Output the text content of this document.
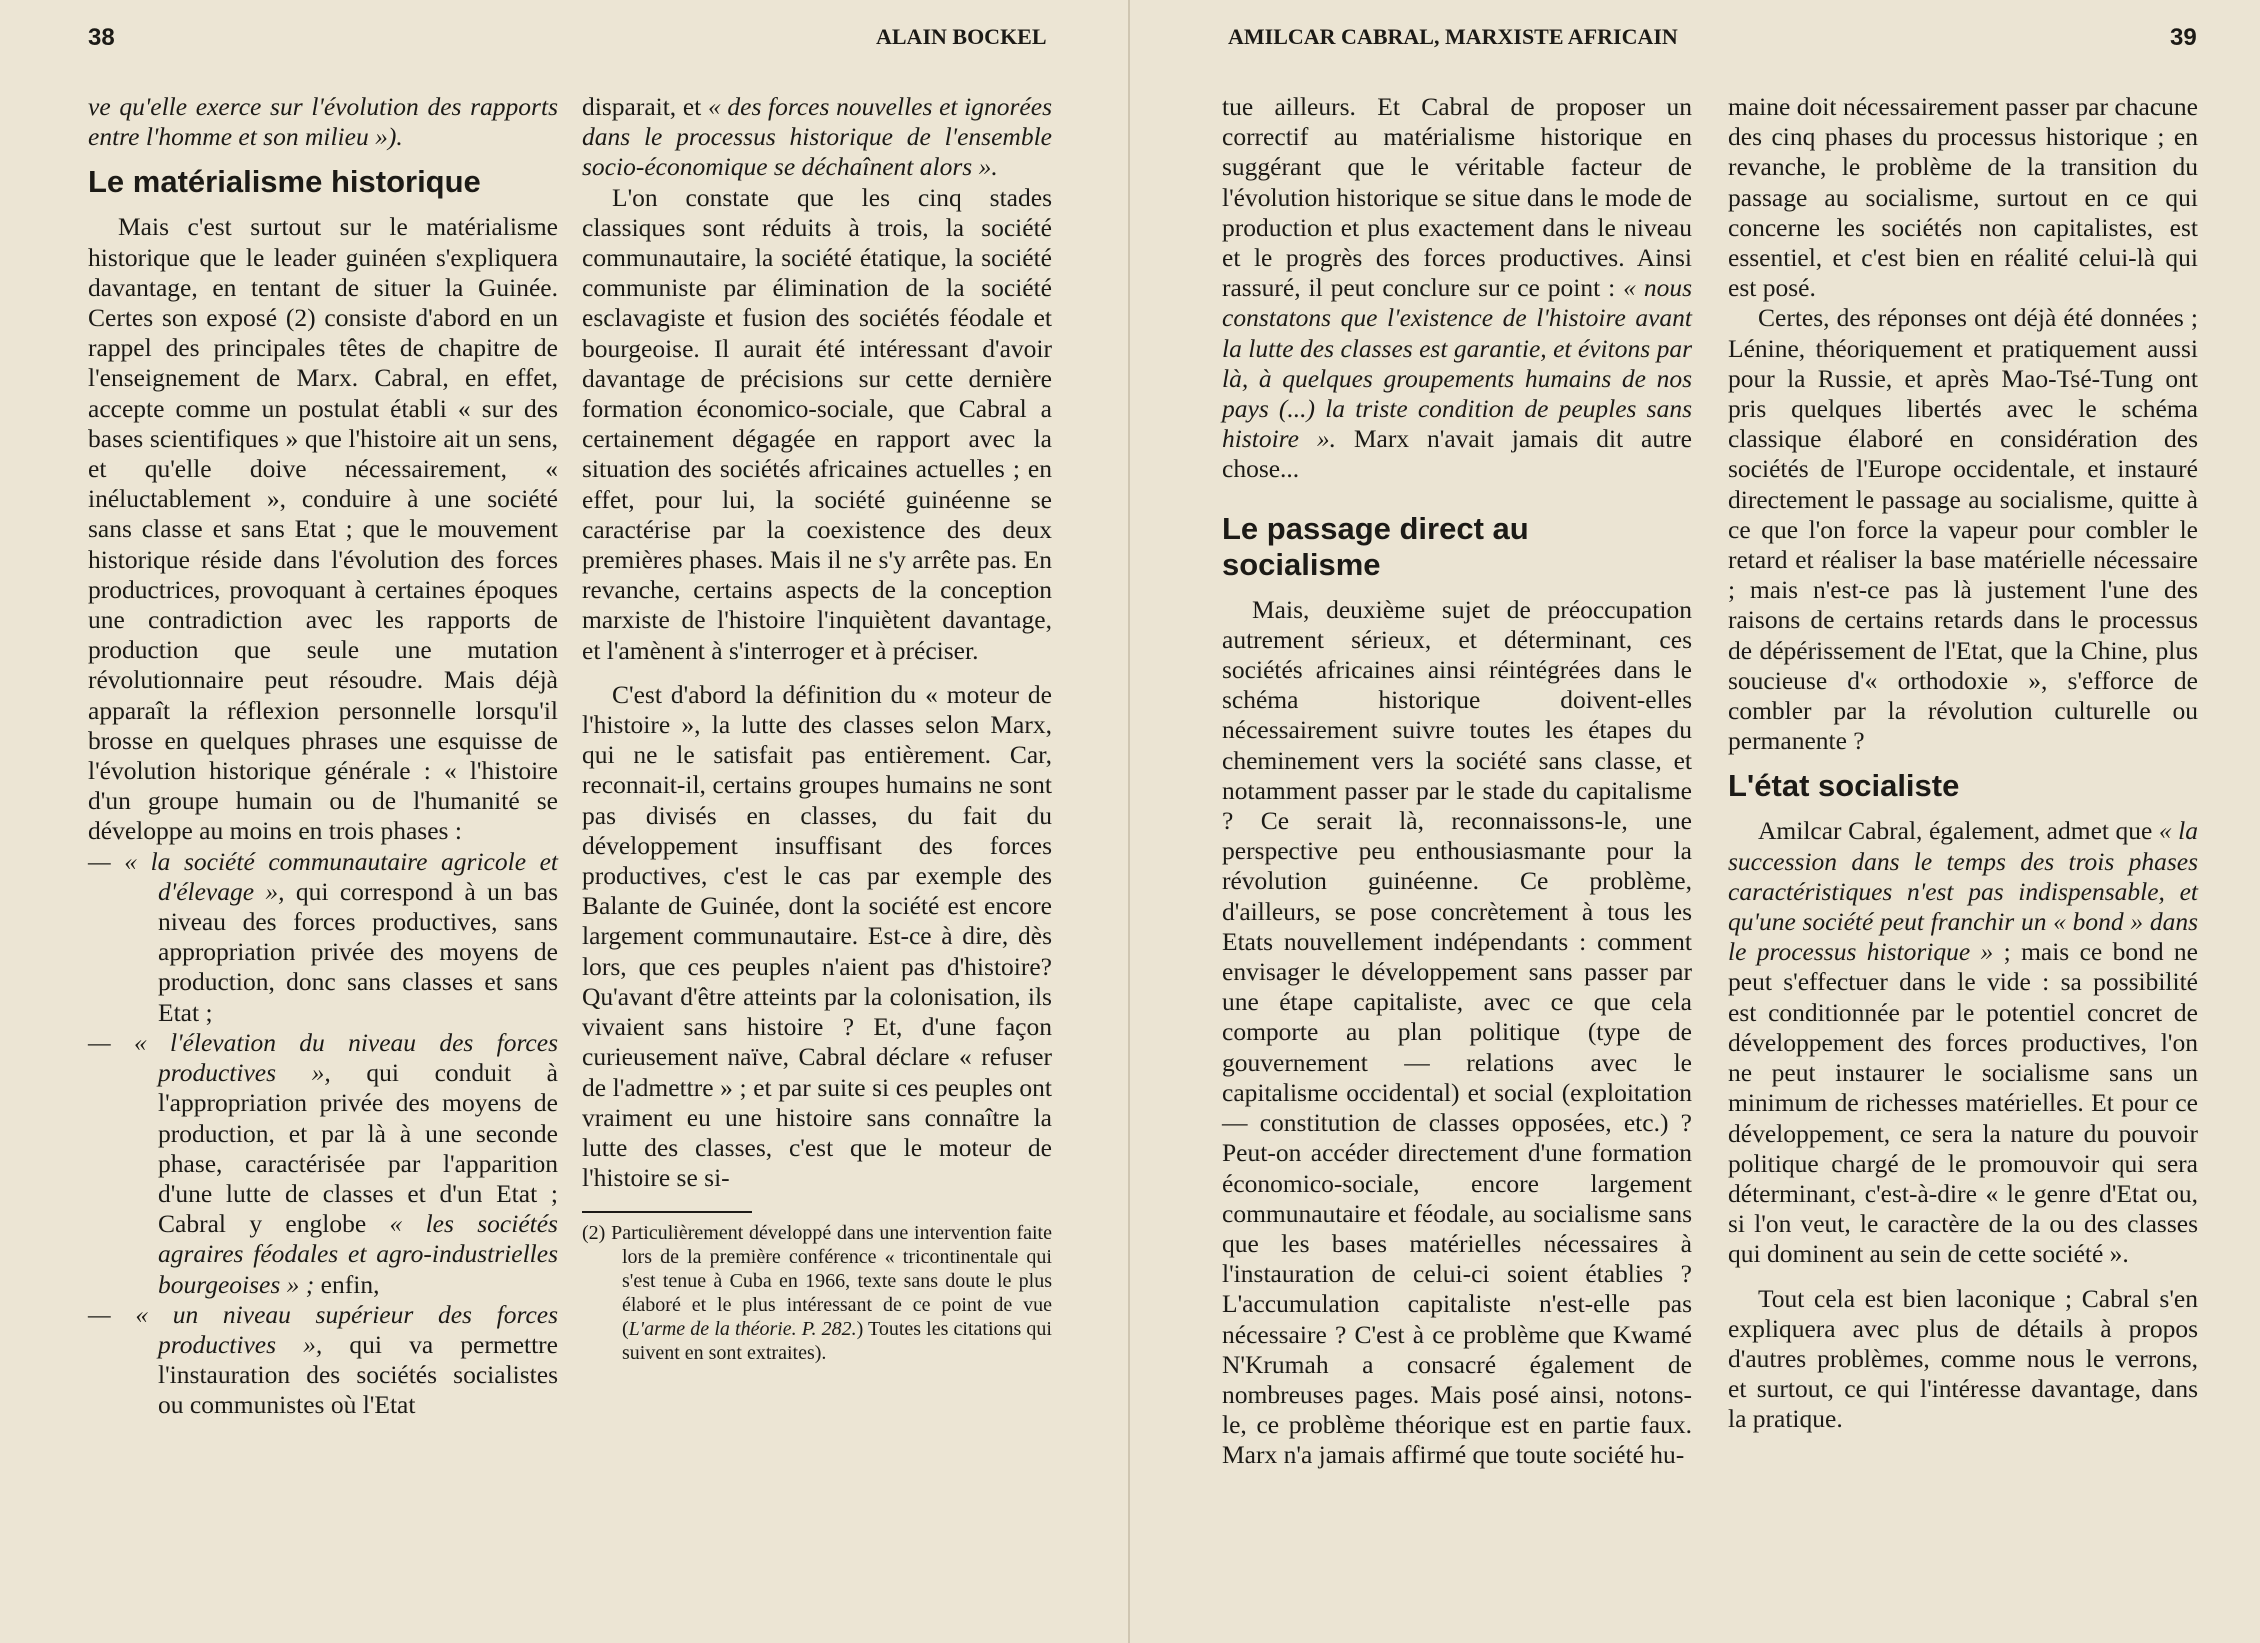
38	ALAIN BOCKEL

ve qu'elle exerce sur l'évolution des rapports entre l'homme et son milieu »).

Le matérialisme historique

Mais c'est surtout sur le matérialisme historique que le leader guinéen s'expliquera davantage, en tentant de situer la Guinée. Certes son exposé (2) consiste d'abord en un rappel des principales têtes de chapitre de l'enseignement de Marx. Cabral, en effet, accepte comme un postulat établi « sur des bases scientifiques » que l'histoire ait un sens, et qu'elle doive nécessairement, « inéluctablement », conduire à une société sans classe et sans Etat ; que le mouvement historique réside dans l'évolution des forces productrices, provoquant à certaines époques une contradiction avec les rapports de production que seule une mutation révolutionnaire peut résoudre. Mais déjà apparaît la réflexion personnelle lorsqu'il brosse en quelques phrases une esquisse de l'évolution historique générale : « l'histoire d'un groupe humain ou de l'humanité se développe au moins en trois phases :

— « la société communautaire agricole et d'élevage », qui correspond à un bas niveau des forces productives, sans appropriation privée des moyens de production, donc sans classes et sans Etat ;

— « l'élevation du niveau des forces productives », qui conduit à l'appropriation privée des moyens de production, et par là à une seconde phase, caractérisée par l'apparition d'une lutte de classes et d'un Etat ; Cabral y englobe « les sociétés agraires féodales et agro-industrielles bourgeoises » ; enfin,

— « un niveau supérieur des forces productives », qui va permettre l'instauration des sociétés socialistes ou communistes où l'Etat

disparait, et « des forces nouvelles et ignorées dans le processus historique de l'ensemble socio-économique se déchaînent alors ».

L'on constate que les cinq stades classiques sont réduits à trois, la société communautaire, la société étatique, la société communiste par élimination de la société esclavagiste et fusion des sociétés féodale et bourgeoise. Il aurait été intéressant d'avoir davantage de précisions sur cette dernière formation économico-sociale, que Cabral a certainement dégagée en rapport avec la situation des sociétés africaines actuelles ; en effet, pour lui, la société guinéenne se caractérise par la coexistence des deux premières phases. Mais il ne s'y arrête pas. En revanche, certains aspects de la conception marxiste de l'histoire l'inquiètent davantage, et l'amènent à s'interroger et à préciser.

C'est d'abord la définition du « moteur de l'histoire », la lutte des classes selon Marx, qui ne le satisfait pas entièrement. Car, reconnait-il, certains groupes humains ne sont pas divisés en classes, du fait du développement insuffisant des forces productives, c'est le cas par exemple des Balante de Guinée, dont la société est encore largement communautaire. Est-ce à dire, dès lors, que ces peuples n'aient pas d'histoire? Qu'avant d'être atteints par la colonisation, ils vivaient sans histoire ? Et, d'une façon curieusement naïve, Cabral déclare « refuser de l'admettre » ; et par suite si ces peuples ont vraiment eu une histoire sans connaître la lutte des classes, c'est que le moteur de l'histoire se si-

(2) Particulièrement développé dans une intervention faite lors de la première conférence « tricontinentale qui s'est tenue à Cuba en 1966, texte sans doute le plus élaboré et le plus intéressant de ce point de vue (L'arme de la théorie. P. 282.) Toutes les citations qui suivent en sont extraites).

AMILCAR CABRAL, MARXISTE AFRICAIN	39

tue ailleurs. Et Cabral de proposer un correctif au matérialisme historique en suggérant que le véritable facteur de l'évolution historique se situe dans le mode de production et plus exactement dans le niveau et le progrès des forces productives. Ainsi rassuré, il peut conclure sur ce point : « nous constatons que l'existence de l'histoire avant la lutte des classes est garantie, et évitons par là, à quelques groupements humains de nos pays (...) la triste condition de peuples sans histoire ». Marx n'avait jamais dit autre chose...

Le passage direct au socialisme

Mais, deuxième sujet de préoccupation autrement sérieux, et déterminant, ces sociétés africaines ainsi réintégrées dans le schéma historique doivent-elles nécessairement suivre toutes les étapes du cheminement vers la société sans classe, et notamment passer par le stade du capitalisme ? Ce serait là, reconnaissons-le, une perspective peu enthousiasmante pour la révolution guinéenne. Ce problème, d'ailleurs, se pose concrètement à tous les Etats nouvellement indépendants : comment envisager le développement sans passer par une étape capitaliste, avec ce que cela comporte au plan politique (type de gouvernement — relations avec le capitalisme occidental) et social (exploitation — constitution de classes opposées, etc.) ? Peut-on accéder directement d'une formation économico-sociale, encore largement communautaire et féodale, au socialisme sans que les bases matérielles nécessaires à l'instauration de celui-ci soient établies ? L'accumulation capitaliste n'est-elle pas nécessaire ? C'est à ce problème que Kwamé N'Krumah a consacré également de nombreuses pages. Mais posé ainsi, notons-le, ce problème théorique est en partie faux. Marx n'a jamais affirmé que toute société hu-

maine doit nécessairement passer par chacune des cinq phases du processus historique ; en revanche, le problème de la transition du passage au socialisme, surtout en ce qui concerne les sociétés non capitalistes, est essentiel, et c'est bien en réalité celui-là qui est posé.

Certes, des réponses ont déjà été données ; Lénine, théoriquement et pratiquement aussi pour la Russie, et après Mao-Tsé-Tung ont pris quelques libertés avec le schéma classique élaboré en considération des sociétés de l'Europe occidentale, et instauré directement le passage au socialisme, quitte à ce que l'on force la vapeur pour combler le retard et réaliser la base matérielle nécessaire ; mais n'est-ce pas là justement l'une des raisons de certains retards dans le processus de dépérissement de l'Etat, que la Chine, plus soucieuse d'« orthodoxie », s'efforce de combler par la révolution culturelle ou permanente ?

L'état socialiste

Amilcar Cabral, également, admet que « la succession dans le temps des trois phases caractéristiques n'est pas indispensable, et qu'une société peut franchir un « bond » dans le processus historique » ; mais ce bond ne peut s'effectuer dans le vide : sa possibilité est conditionnée par le potentiel concret de développement des forces productives, l'on ne peut instaurer le socialisme sans un minimum de richesses matérielles. Et pour ce développement, ce sera la nature du pouvoir politique chargé de le promouvoir qui sera déterminant, c'est-à-dire « le genre d'Etat ou, si l'on veut, le caractère de la ou des classes qui dominent au sein de cette société ».

Tout cela est bien laconique ; Cabral s'en expliquera avec plus de détails à propos d'autres problèmes, comme nous le verrons, et surtout, ce qui l'intéresse davantage, dans la pratique.
